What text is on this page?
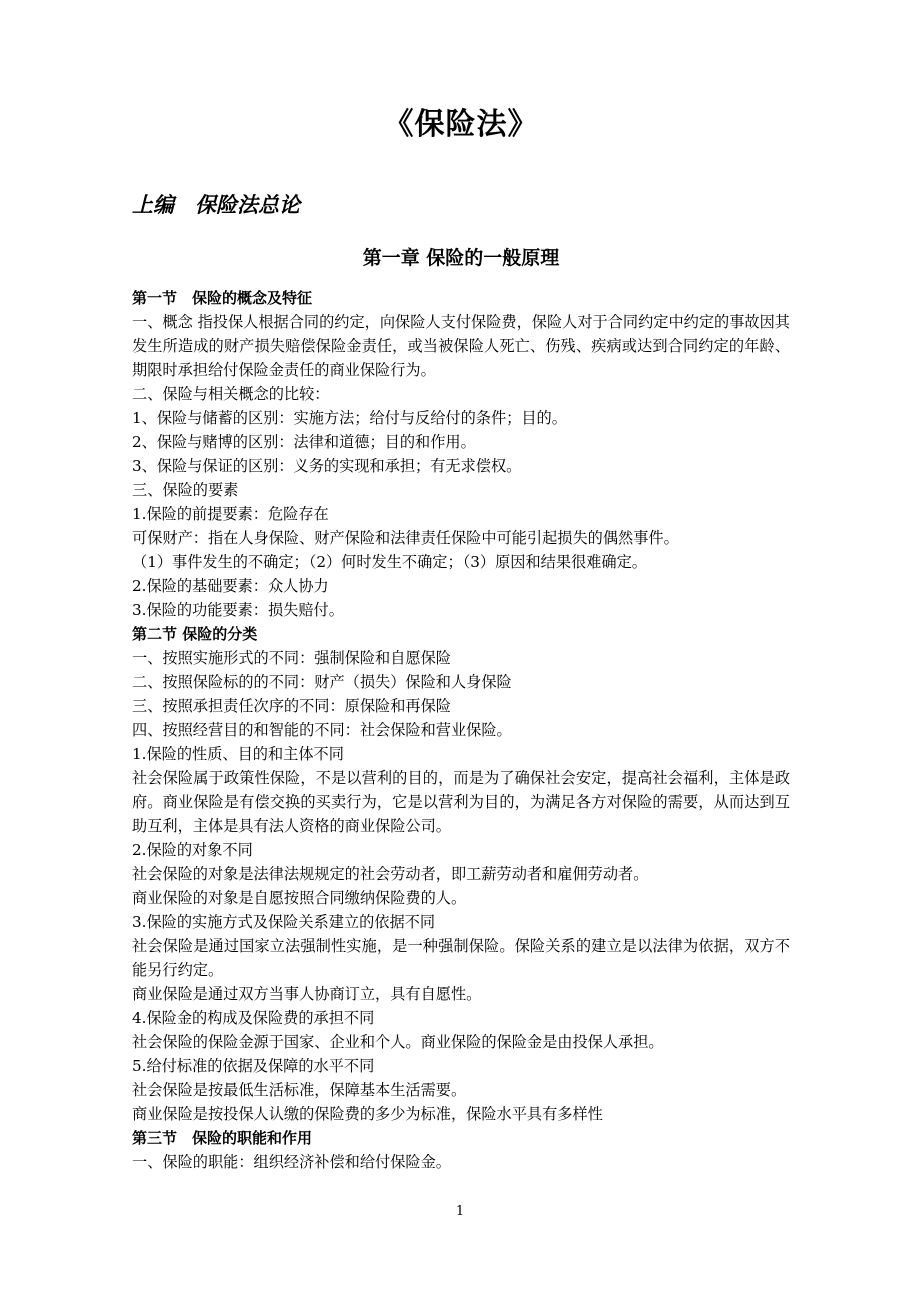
《保险法》
上编　保险法总论
第一章 保险的一般原理
第一节　保险的概念及特征

一、概念 指投保人根据合同的约定，向保险人支付保险费，保险人对于合同约定中约定的事故因其发生所造成的财产损失赔偿保险金责任，或当被保险人死亡、伤残、疾病或达到合同约定的年龄、期限时承担给付保险金责任的商业保险行为。

二、保险与相关概念的比较：

1、保险与储蓄的区别：实施方法；给付与反给付的条件；目的。

2、保险与赌博的区别：法律和道德；目的和作用。

3、保险与保证的区别：义务的实现和承担；有无求偿权。

三、保险的要素

1.保险的前提要素：危险存在

可保财产：指在人身保险、财产保险和法律责任保险中可能引起损失的偶然事件。

（1）事件发生的不确定；（2）何时发生不确定；（3）原因和结果很难确定。

2.保险的基础要素：众人协力

3.保险的功能要素：损失赔付。

第二节 保险的分类

一、按照实施形式的不同：强制保险和自愿保险

二、按照保险标的的不同：财产（损失）保险和人身保险

三、按照承担责任次序的不同：原保险和再保险

四、按照经营目的和智能的不同：社会保险和营业保险。

1.保险的性质、目的和主体不同

社会保险属于政策性保险，不是以营利的目的，而是为了确保社会安定，提高社会福利，主体是政府。商业保险是有偿交换的买卖行为，它是以营利为目的，为满足各方对保险的需要，从而达到互助互利，主体是具有法人资格的商业保险公司。

2.保险的对象不同

社会保险的对象是法律法规规定的社会劳动者，即工薪劳动者和雇佣劳动者。

商业保险的对象是自愿按照合同缴纳保险费的人。

3.保险的实施方式及保险关系建立的依据不同

社会保险是通过国家立法强制性实施，是一种强制保险。保险关系的建立是以法律为依据，双方不能另行约定。

商业保险是通过双方当事人协商订立，具有自愿性。

4.保险金的构成及保险费的承担不同

社会保险的保险金源于国家、企业和个人。商业保险的保险金是由投保人承担。

5.给付标准的依据及保障的水平不同

社会保险是按最低生活标准，保障基本生活需要。

商业保险是按投保人认缴的保险费的多少为标准，保险水平具有多样性

第三节　保险的职能和作用

一、保险的职能：组织经济补偿和给付保险金。

1
